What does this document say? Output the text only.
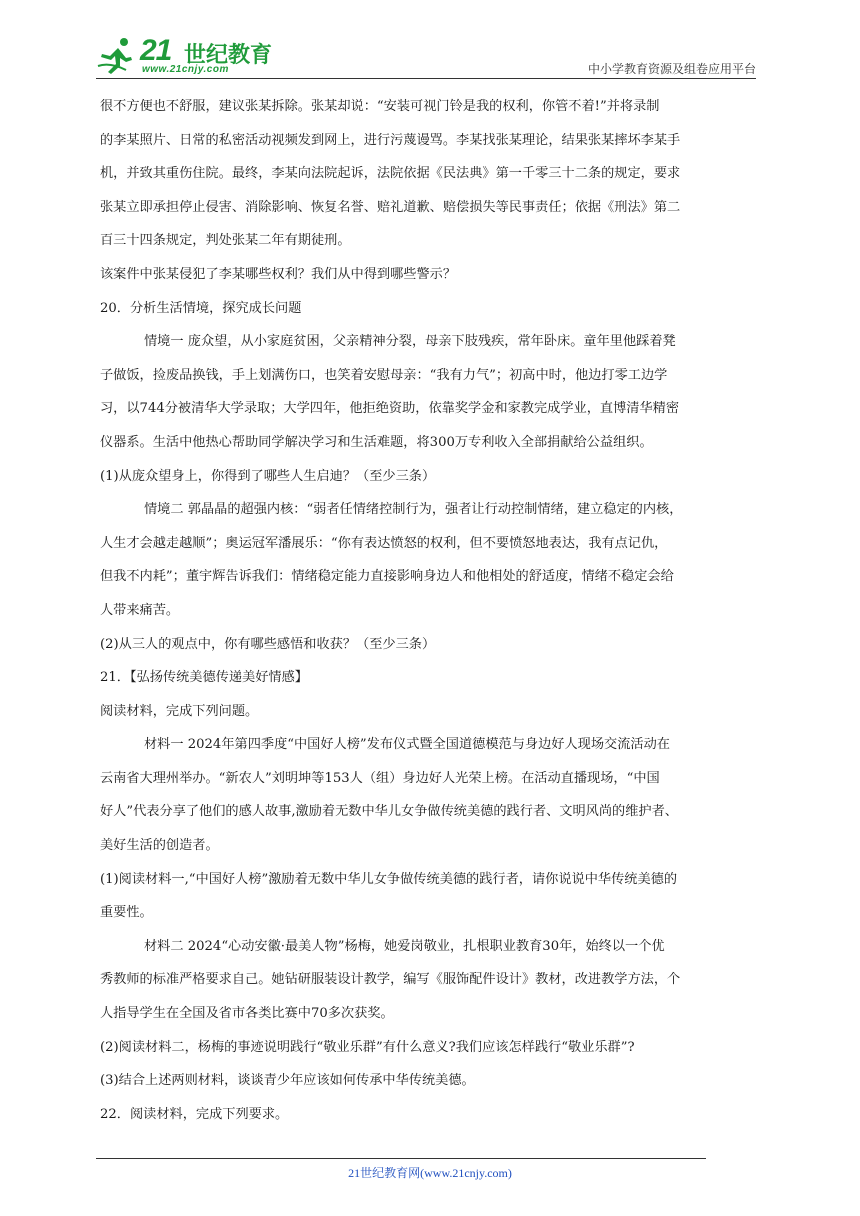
21 世纪教育
www.21cnjy.com	中小学教育资源及组卷应用平台

很不方便也不舒服，建议张某拆除。张某却说：“安装可视门铃是我的权利，你管不着!”并将录制

的李某照片、日常的私密活动视频发到网上，进行污蔑谩骂。李某找张某理论，结果张某摔坏李某手

机，并致其重伤住院。最终，李某向法院起诉，法院依据《民法典》第一千零三十二条的规定，要求

张某立即承担停止侵害、消除影响、恢复名誉、赔礼道歉、赔偿损失等民事责任；依据《刑法》第二

百三十四条规定，判处张某二年有期徒刑。

该案件中张某侵犯了李某哪些权利？我们从中得到哪些警示？

20．分析生活情境，探究成长问题

情境一 庞众望，从小家庭贫困，父亲精神分裂，母亲下肢残疾，常年卧床。童年里他踩着凳

子做饭，捡废品换钱，手上划满伤口，也笑着安慰母亲：“我有力气”；初高中时，他边打零工边学

习，以744分被清华大学录取；大学四年，他拒绝资助，依靠奖学金和家教完成学业，直博清华精密

仪器系。生活中他热心帮助同学解决学习和生活难题，将300万专利收入全部捐献给公益组织。

(1)从庞众望身上，你得到了哪些人生启迪？（至少三条）

情境二 郭晶晶的超强内核：“弱者任情绪控制行为，强者让行动控制情绪，建立稳定的内核，

人生才会越走越顺”；奥运冠军潘展乐：“你有表达愤怒的权利，但不要愤怒地表达，我有点记仇，

但我不内耗”；董宇辉告诉我们：情绪稳定能力直接影响身边人和他相处的舒适度，情绪不稳定会给

人带来痛苦。

(2)从三人的观点中，你有哪些感悟和收获？（至少三条）

21．【弘扬传统美德传递美好情感】

阅读材料，完成下列问题。

材料一 2024年第四季度“中国好人榜”发布仪式暨全国道德模范与身边好人现场交流活动在

云南省大理州举办。“新农人”刘明坤等153人（组）身边好人光荣上榜。在活动直播现场，“中国

好人”代表分享了他们的感人故事,激励着无数中华儿女争做传统美德的践行者、文明风尚的维护者、

美好生活的创造者。

(1)阅读材料一,“中国好人榜”激励着无数中华儿女争做传统美德的践行者，请你说说中华传统美德的

重要性。

材料二 2024“心动安徽·最美人物”杨梅，她爱岗敬业，扎根职业教育30年，始终以一个优

秀教师的标准严格要求自己。她钻研服装设计教学，编写《服饰配件设计》教材，改进教学方法，个

人指导学生在全国及省市各类比赛中70多次获奖。

(2)阅读材料二，杨梅的事迹说明践行“敬业乐群”有什么意义?我们应该怎样践行“敬业乐群”?

(3)结合上述两则材料，谈谈青少年应该如何传承中华传统美德。

22．阅读材料，完成下列要求。

21世纪教育网(www.21cnjy.com)
